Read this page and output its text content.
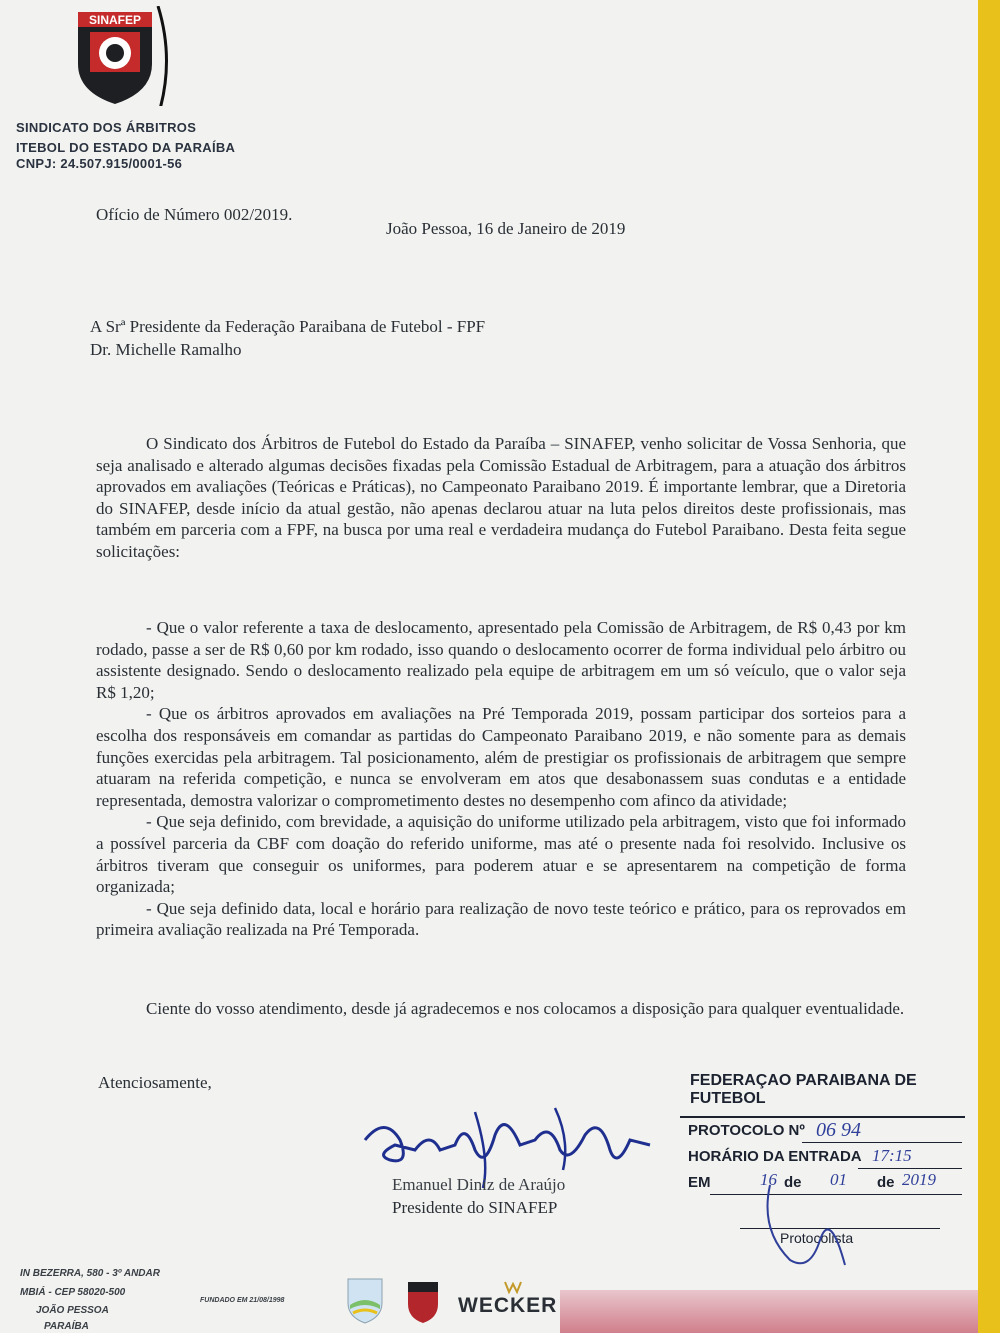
SINAFEP
SINDICATO DOS ÁRBITROS
ITEBOL DO ESTADO DA PARAÍBA
CNPJ: 24.507.915/0001-56
Ofício de Número 002/2019.
João Pessoa, 16 de Janeiro de 2019
A Srª Presidente da Federação Paraibana de Futebol - FPF
Dr. Michelle Ramalho

O Sindicato dos Árbitros de Futebol do Estado da Paraíba – SINAFEP, venho solicitar de Vossa Senhoria, que seja analisado e alterado algumas decisões fixadas pela Comissão Estadual de Arbitragem, para a atuação dos árbitros aprovados em avaliações (Teóricas e Práticas), no Campeonato Paraibano 2019. É importante lembrar, que a Diretoria do SINAFEP, desde início da atual gestão, não apenas declarou atuar na luta pelos direitos deste profissionais, mas também em parceria com a FPF, na busca por uma real e verdadeira mudança do Futebol Paraibano. Desta feita segue solicitações:

- Que o valor referente a taxa de deslocamento, apresentado pela Comissão de Arbitragem, de R$ 0,43 por km rodado, passe a ser de R$ 0,60 por km rodado, isso quando o deslocamento ocorrer de forma individual pelo árbitro ou assistente designado. Sendo o deslocamento realizado pela equipe de arbitragem em um só veículo, que o valor seja R$ 1,20;

- Que os árbitros aprovados em avaliações na Pré Temporada 2019, possam participar dos sorteios para a escolha dos responsáveis em comandar as partidas do Campeonato Paraibano 2019, e não somente para as demais funções exercidas pela arbitragem. Tal posicionamento, além de prestigiar os profissionais de arbitragem que sempre atuaram na referida competição, e nunca se envolveram em atos que desabonassem suas condutas e a entidade representada, demostra valorizar o comprometimento destes no desempenho com afinco da atividade;

- Que seja definido, com brevidade, a aquisição do uniforme utilizado pela arbitragem, visto que foi informado a possível parceria da CBF com doação do referido uniforme, mas até o presente nada foi resolvido. Inclusive os árbitros tiveram que conseguir os uniformes, para poderem atuar e se apresentarem na competição de forma organizada;

- Que seja definido data, local e horário para realização de novo teste teórico e prático, para os reprovados em primeira avaliação realizada na Pré Temporada.

Ciente do vosso atendimento, desde já agradecemos e nos colocamos a disposição para qualquer eventualidade.

Atenciosamente,
Emanuel Diniz de Araújo
Presidente do SINAFEP
FEDERAÇAO PARAIBANA DE FUTEBOL
PROTOCOLO Nº 06 94
HORÁRIO DA ENTRADA 17:15
EM	16 de 01 de 2019
Protocolista
IN BEZERRA, 580 - 3º ANDAR
MBIÁ - CEP 58020-500
JOÃO PESSOA
PARAÍBA
FUNDADO EM 21/08/1998	WECKER
